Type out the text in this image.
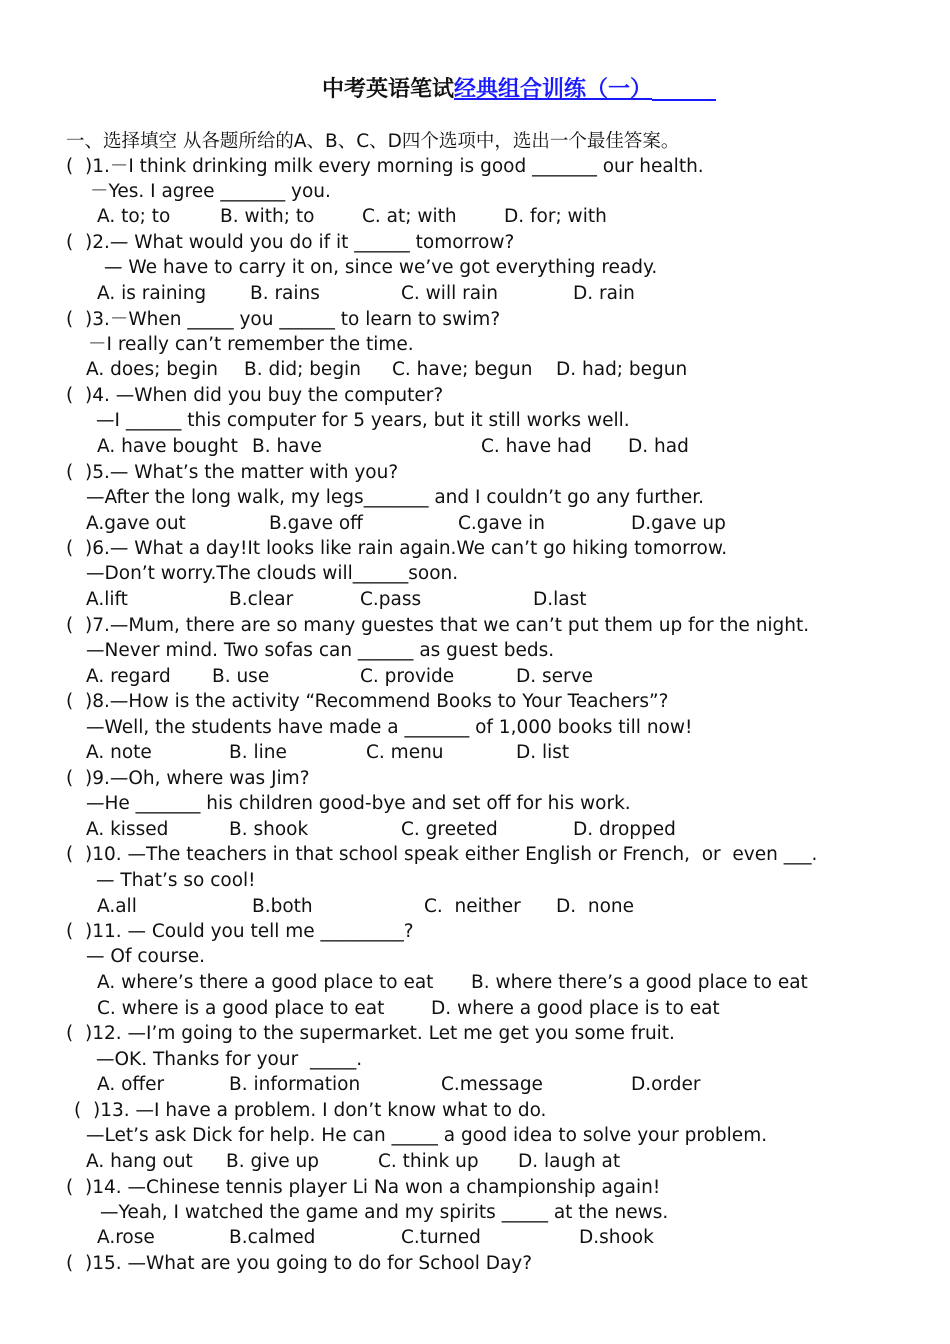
中考英语笔试经典组合训练（一）
一、选择填空 从各题所给的A、B、C、D四个选项中，选出一个最佳答案。
(  )1.－I think drinking milk every morning is good _______ our health.
－Yes. I agree _______ you.
A. to; to	B. with; to	C. at; with	D. for; with
(  )2.— What would you do if it ______ tomorrow?
— We have to carry it on, since we’ve got everything ready.
A. is raining B. rains	C. will rain	D. rain
(  )3.－When _____ you ______ to learn to swim?
－I really can’t remember the time.
A. does; begin B. did; begin C. have; begun D. had; begun
(  )4. —When did you buy the computer?
—I ______ this computer for 5 years, but it still works well.
A. have bought B. have	C. have had D. had
(  )5.— What’s the matter with you?
—After the long walk, my legs_______ and I couldn’t go any further.
A.gave out	B.gave off	C.gave in	D.gave up
(  )6.— What a day!It looks like rain again.We can’t go hiking tomorrow.
—Don’t worry.The clouds will______soon.
A.lift	B.clear	C.pass	D.last
(  )7.—Mum, there are so many guestes that we can’t put them up for the night.
—Never mind. Two sofas can ______ as guest beds.
A. regard B. use	C. provide	D. serve
(  )8.—How is the activity “Recommend Books to Your Teachers”?
—Well, the students have made a _______ of 1,000 books till now!
A. note	B. line	C. menu	D. list
(  )9.—Oh, where was Jim?
—He _______ his children good-bye and set off for his work.
A. kissed	B. shook	C. greeted	D. dropped
(  )10. —The teachers in that school speak either English or French,  or  even ___.
— That’s so cool!
A.all	B.both	C.  neither D.  none
(  )11. — Could you tell me _________?
— Of course.
A. where’s there a good place to eat B. where there’s a good place to eat
C. where is a good place to eat	D. where a good place is to eat
(  )12. —I’m going to the supermarket. Let me get you some fruit.
—OK. Thanks for your  _____.
A. offer	B. information	C.message	D.order
(  )13. —I have a problem. I don’t know what to do.
—Let’s ask Dick for help. He can _____ a good idea to solve your problem.
A. hang out B. give up	C. think up D. laugh at
(  )14. —Chinese tennis player Li Na won a championship again!
—Yeah, I watched the game and my spirits _____ at the news.
A.rose	B.calmed	C.turned	D.shook
(  )15. —What are you going to do for School Day?
